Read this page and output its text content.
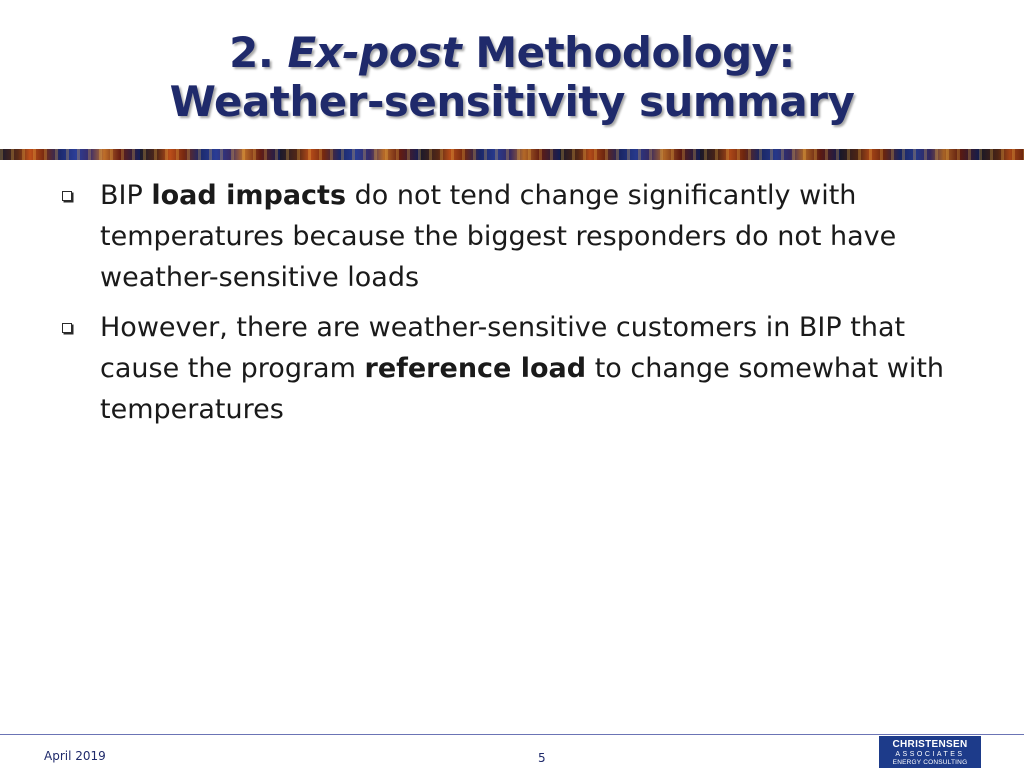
2. Ex-post Methodology:
Weather-sensitivity summary
BIP load impacts do not tend change significantly with temperatures because the biggest responders do not have weather-sensitive loads
However, there are weather-sensitive customers in BIP that cause the program reference load to change somewhat with temperatures
April 2019	5
CHRISTENSEN
ASSOCIATES
ENERGY CONSULTING
